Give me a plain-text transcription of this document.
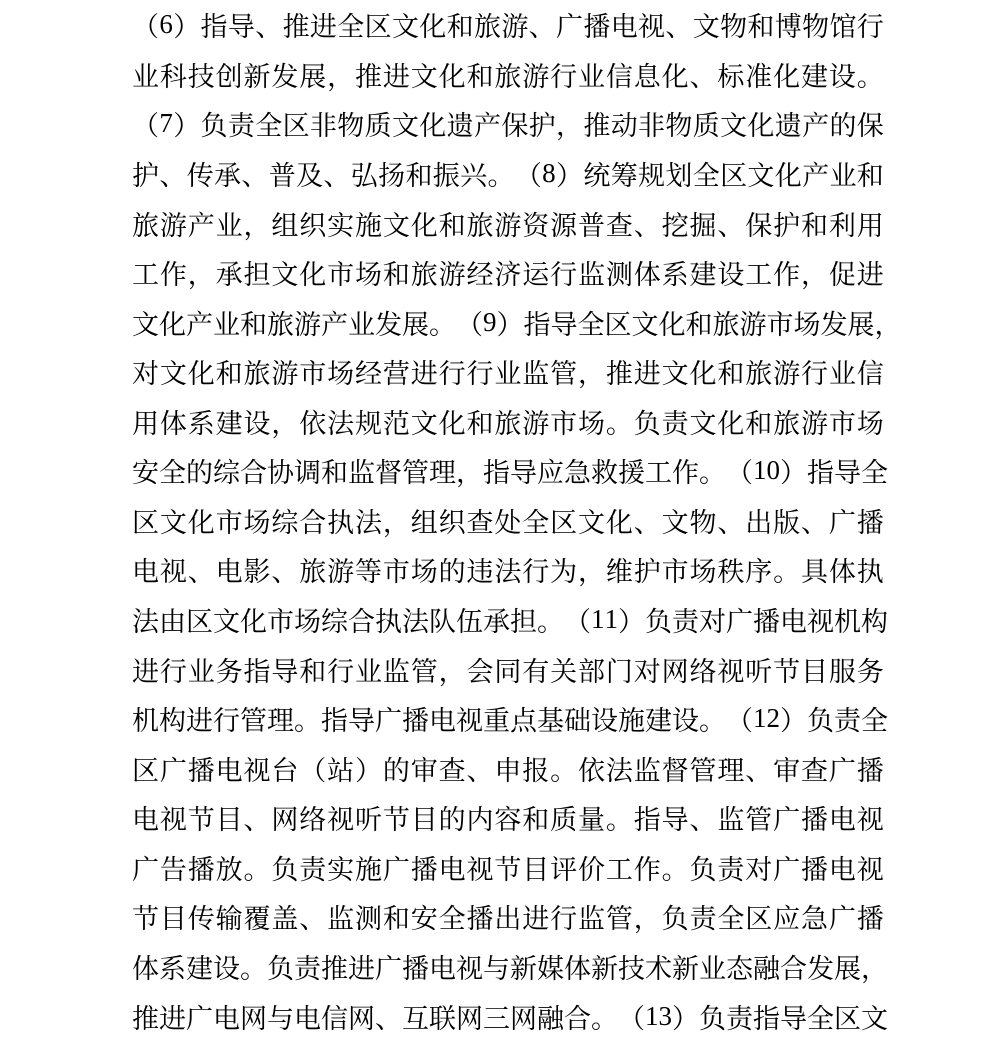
（ 6 ） 指 导 、 推 进 全 区 文 化 和 旅 游 、 广 播 电 视 、 文 物 和 博 物 馆 行
业 科 技 创 新 发 展 ， 推 进 文 化 和 旅 游 行 业 信 息 化 、 标 准 化 建 设 。
（ 7 ） 负 责 全 区 非 物 质 文 化 遗 产 保 护 ， 推 动 非 物 质 文 化 遗 产 的 保
护 、 传 承 、 普 及 、 弘 扬 和 振 兴 。 （ 8 ） 统 筹 规 划 全 区 文 化 产 业 和
旅 游 产 业 ， 组 织 实 施 文 化 和 旅 游 资 源 普 查 、 挖 掘 、 保 护 和 利 用
工 作 ， 承 担 文 化 市 场 和 旅 游 经 济 运 行 监 测 体 系 建 设 工 作 ， 促 进
文 化 产 业 和 旅 游 产 业 发 展 。 （ 9 ） 指 导 全 区 文 化 和 旅 游 市 场 发 展 ，
对 文 化 和 旅 游 市 场 经 营 进 行 行 业 监 管 ， 推 进 文 化 和 旅 游 行 业 信
用 体 系 建 设 ， 依 法 规 范 文 化 和 旅 游 市 场 。 负 责 文 化 和 旅 游 市 场
安 全 的 综 合 协 调 和 监 督 管 理 ， 指 导 应 急 救 援 工 作 。 （ 1 0 ） 指 导 全
区 文 化 市 场 综 合 执 法 ， 组 织 查 处 全 区 文 化 、 文 物 、 出 版 、 广 播
电 视 、 电 影 、 旅 游 等 市 场 的 违 法 行 为 ， 维 护 市 场 秩 序 。 具 体 执
法 由 区 文 化 市 场 综 合 执 法 队 伍 承 担 。 （ 1 1 ） 负 责 对 广 播 电 视 机 构
进 行 业 务 指 导 和 行 业 监 管 ， 会 同 有 关 部 门 对 网 络 视 听 节 目 服 务
机 构 进 行 管 理 。 指 导 广 播 电 视 重 点 基 础 设 施 建 设 。 （ 1 2 ） 负 责 全
区 广 播 电 视 台 （ 站 ） 的 审 查 、 申 报 。 依 法 监 督 管 理 、 审 查 广 播
电 视 节 目 、 网 络 视 听 节 目 的 内 容 和 质 量 。 指 导 、 监 管 广 播 电 视
广 告 播 放 。 负 责 实 施 广 播 电 视 节 目 评 价 工 作 。 负 责 对 广 播 电 视
节 目 传 输 覆 盖 、 监 测 和 安 全 播 出 进 行 监 管 ， 负 责 全 区 应 急 广 播
体 系 建 设 。 负 责 推 进 广 播 电 视 与 新 媒 体 新 技 术 新 业 态 融 合 发 展 ，
推 进 广 电 网 与 电 信 网 、 互 联 网 三 网 融 合 。 （ 1 3 ） 负 责 指 导 全 区 文
